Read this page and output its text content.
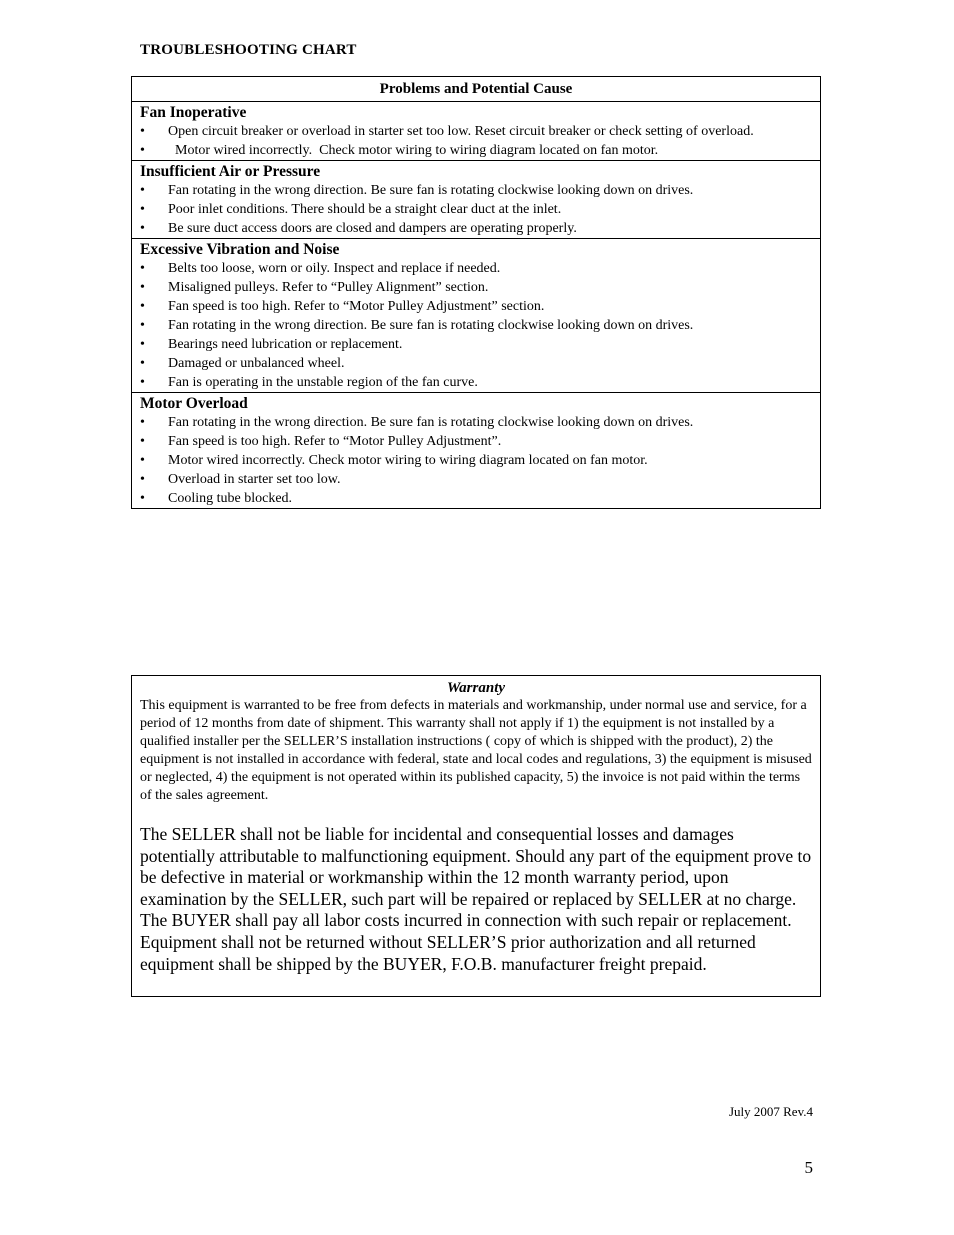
TROUBLESHOOTING CHART
Problems and Potential Cause
Fan Inoperative
• Open circuit breaker or overload in starter set too low. Reset circuit breaker or check setting of overload.
•   Motor wired incorrectly.  Check motor wiring to wiring diagram located on fan motor.
Insufficient Air or Pressure
• Fan rotating in the wrong direction. Be sure fan is rotating clockwise looking down on drives.
• Poor inlet conditions. There should be a straight clear duct at the inlet.
• Be sure duct access doors are closed and dampers are operating properly.
Excessive Vibration and Noise
• Belts too loose, worn or oily. Inspect and replace if needed.
• Misaligned pulleys. Refer to “Pulley Alignment” section.
• Fan speed is too high. Refer to “Motor Pulley Adjustment” section.
• Fan rotating in the wrong direction. Be sure fan is rotating clockwise looking down on drives.
• Bearings need lubrication or replacement.
• Damaged or unbalanced wheel.
• Fan is operating in the unstable region of the fan curve.
Motor Overload
• Fan rotating in the wrong direction. Be sure fan is rotating clockwise looking down on drives.
• Fan speed is too high. Refer to “Motor Pulley Adjustment”.
• Motor wired incorrectly. Check motor wiring to wiring diagram located on fan motor.
• Overload in starter set too low.
• Cooling tube blocked.
Warranty

This equipment is warranted to be free from defects in materials and workmanship, under normal use and service, for a period of 12 months from date of shipment. This warranty shall not apply if 1) the equipment is not installed by a qualified installer per the SELLER’S installation instructions ( copy of which is shipped with the product), 2) the equipment is not installed in accordance with federal, state and local codes and regulations, 3) the equipment is misused or neglected, 4) the equipment is not operated within its published capacity, 5) the invoice is not paid within the terms of the sales agreement.

The SELLER shall not be liable for incidental and consequential losses and damages potentially attributable to malfunctioning equipment. Should any part of the equipment prove to be defective in material or workmanship within the 12 month warranty period, upon examination by the SELLER, such part will be repaired or replaced by SELLER at no charge. The BUYER shall pay all labor costs incurred in connection with such repair or replacement. Equipment shall not be returned without SELLER’S prior authorization and all returned equipment shall be shipped by the BUYER, F.O.B. manufacturer freight prepaid.

July 2007 Rev.4
5
